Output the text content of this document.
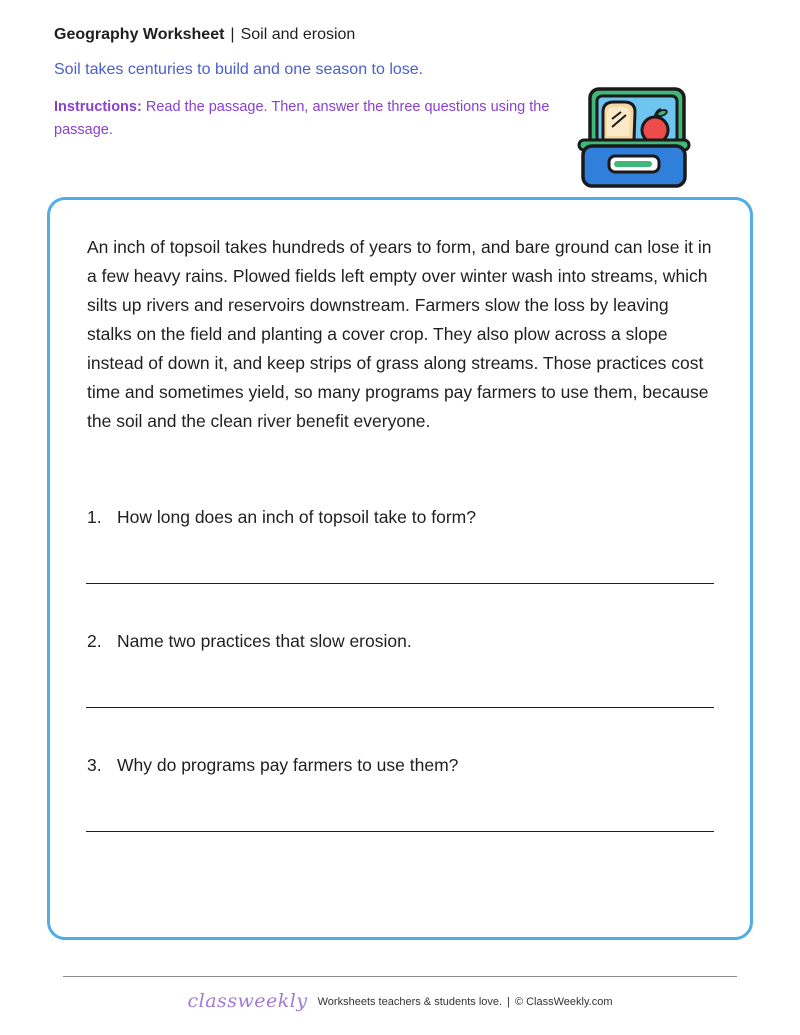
Geography Worksheet | Soil and erosion
Soil takes centuries to build and one season to lose.
Instructions: Read the passage. Then, answer the three questions using the passage.

An inch of topsoil takes hundreds of years to form, and bare ground can lose it in a few heavy rains. Plowed fields left empty over winter wash into streams, which silts up rivers and reservoirs downstream. Farmers slow the loss by leaving stalks on the field and planting a cover crop. They also plow across a slope instead of down it, and keep strips of grass along streams. Those practices cost time and sometimes yield, so many programs pay farmers to use them, because the soil and the clean river benefit everyone.

1. How long does an inch of topsoil take to form?
2. Name two practices that slow erosion.
3. Why do programs pay farmers to use them?
classweekly Worksheets teachers & students love. | © ClassWeekly.com
